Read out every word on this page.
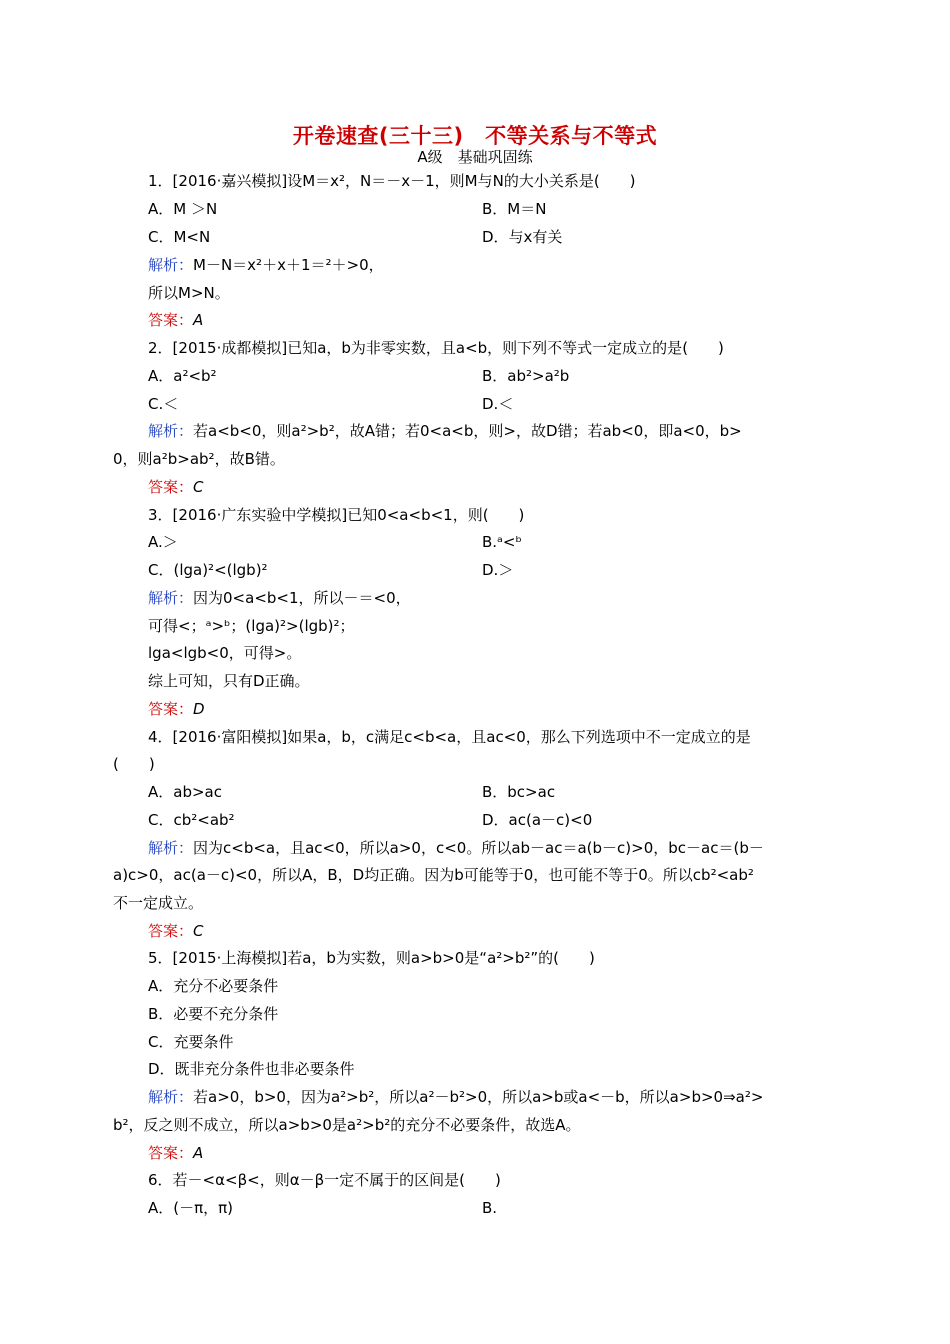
开卷速查(三十三)　不等关系与不等式
A级　基础巩固练
1．[2016·嘉兴模拟]设M＝x²，N＝－x－1，则M与N的大小关系是(　　)
A．M ＞N	B．M＝N
C．M<N	D．与x有关
解析：M－N＝x²＋x＋1＝²＋>0，
所以M>N。
答案：A
2．[2015·成都模拟]已知a，b为非零实数，且a<b，则下列不等式一定成立的是(　　)
A．a²<b²	B．ab²>a²b
C.＜	D.＜
解析：若a<b<0，则a²>b²，故A错；若0<a<b，则>，故D错；若ab<0，即a<0，b>
0，则a²b>ab²，故B错。
答案：C
3．[2016·广东实验中学模拟]已知0<a<b<1，则(　　)
A.＞	B.ᵃ<ᵇ
C．(lga)²<(lgb)²	D.＞
解析：因为0<a<b<1，所以－＝<0，
可得<；ᵃ>ᵇ；(lga)²>(lgb)²；
lga<lgb<0，可得>。
综上可知，只有D正确。
答案：D
4．[2016·富阳模拟]如果a，b，c满足c<b<a，且ac<0，那么下列选项中不一定成立的是
(　　)
A．ab>ac	B．bc>ac
C．cb²<ab²	D．ac(a－c)<0
解析：因为c<b<a，且ac<0，所以a>0，c<0。所以ab－ac＝a(b－c)>0，bc－ac＝(b－
a)c>0，ac(a－c)<0，所以A，B，D均正确。因为b可能等于0，也可能不等于0。所以cb²<ab²
不一定成立。
答案：C
5．[2015·上海模拟]若a，b为实数，则a>b>0是“a²>b²”的(　　)
A．充分不必要条件
B．必要不充分条件
C．充要条件
D．既非充分条件也非必要条件
解析：若a>0，b>0，因为a²>b²，所以a²－b²>0，所以a>b或a<－b，所以a>b>0⇒a²>
b²，反之则不成立，所以a>b>0是a²>b²的充分不必要条件，故选A。
答案：A
6．若－<α<β<，则α－β一定不属于的区间是(　　)
A．(－π，π)	B.
